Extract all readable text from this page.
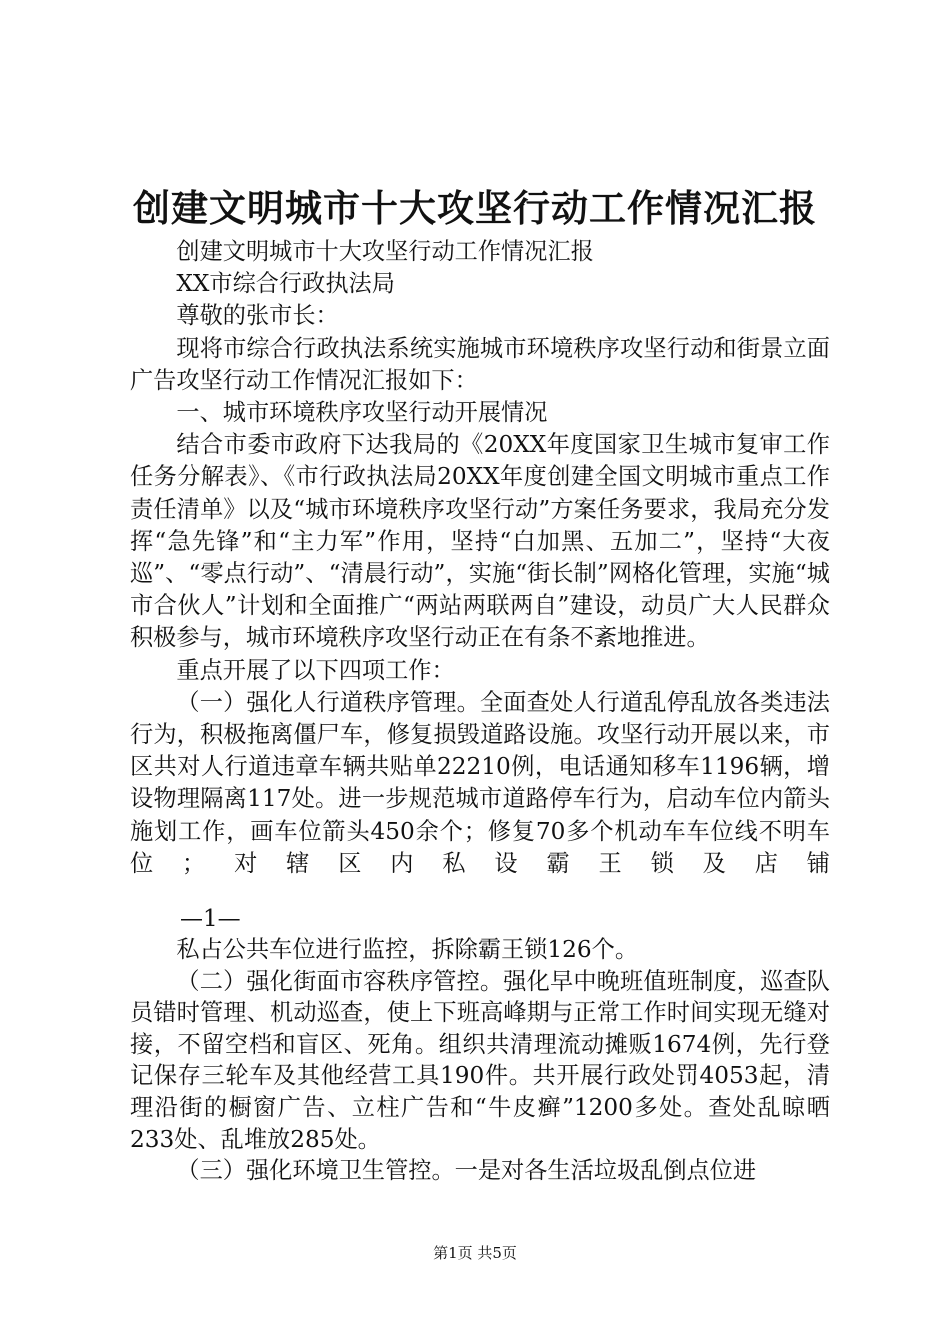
创建文明城市十大攻坚行动工作情况汇报

创建文明城市十大攻坚行动工作情况汇报

XX市综合行政执法局

尊敬的张市长：

现将市综合行政执法系统实施城市环境秩序攻坚行动和街景立面广告攻坚行动工作情况汇报如下：

一、城市环境秩序攻坚行动开展情况

结合市委市政府下达我局的《20XX年度国家卫生城市复审工作任务分解表》、《市行政执法局20XX年度创建全国文明城市重点工作责任清单》以及“城市环境秩序攻坚行动”方案任务要求，我局充分发挥“急先锋”和“主力军”作用，坚持“白加黑、五加二”，坚持“大夜巡”、“零点行动”、“清晨行动”，实施“街长制”网格化管理，实施“城市合伙人”计划和全面推广“两站两联两自”建设，动员广大人民群众积极参与，城市环境秩序攻坚行动正在有条不紊地推进。

重点开展了以下四项工作：

（一）强化人行道秩序管理。全面查处人行道乱停乱放各类违法行为，积极拖离僵尸车，修复损毁道路设施。攻坚行动开展以来，市区共对人行道违章车辆共贴单22210例，电话通知移车1196辆，增设物理隔离117处。进一步规范城市道路停车行为，启动车位内箭头施划工作，画车位箭头450余个；修复70多个机动车车位线不明车位；对辖区内私设霸王锁及店铺

—1—

私占公共车位进行监控，拆除霸王锁126个。

（二）强化街面市容秩序管控。强化早中晚班值班制度，巡查队员错时管理、机动巡查，使上下班高峰期与正常工作时间实现无缝对接，不留空档和盲区、死角。组织共清理流动摊贩1674例，先行登记保存三轮车及其他经营工具190件。共开展行政处罚4053起，清理沿街的橱窗广告、立柱广告和“牛皮癣”1200多处。查处乱晾晒233处、乱堆放285处。

（三）强化环境卫生管控。一是对各生活垃圾乱倒点位进

第1页 共5页
